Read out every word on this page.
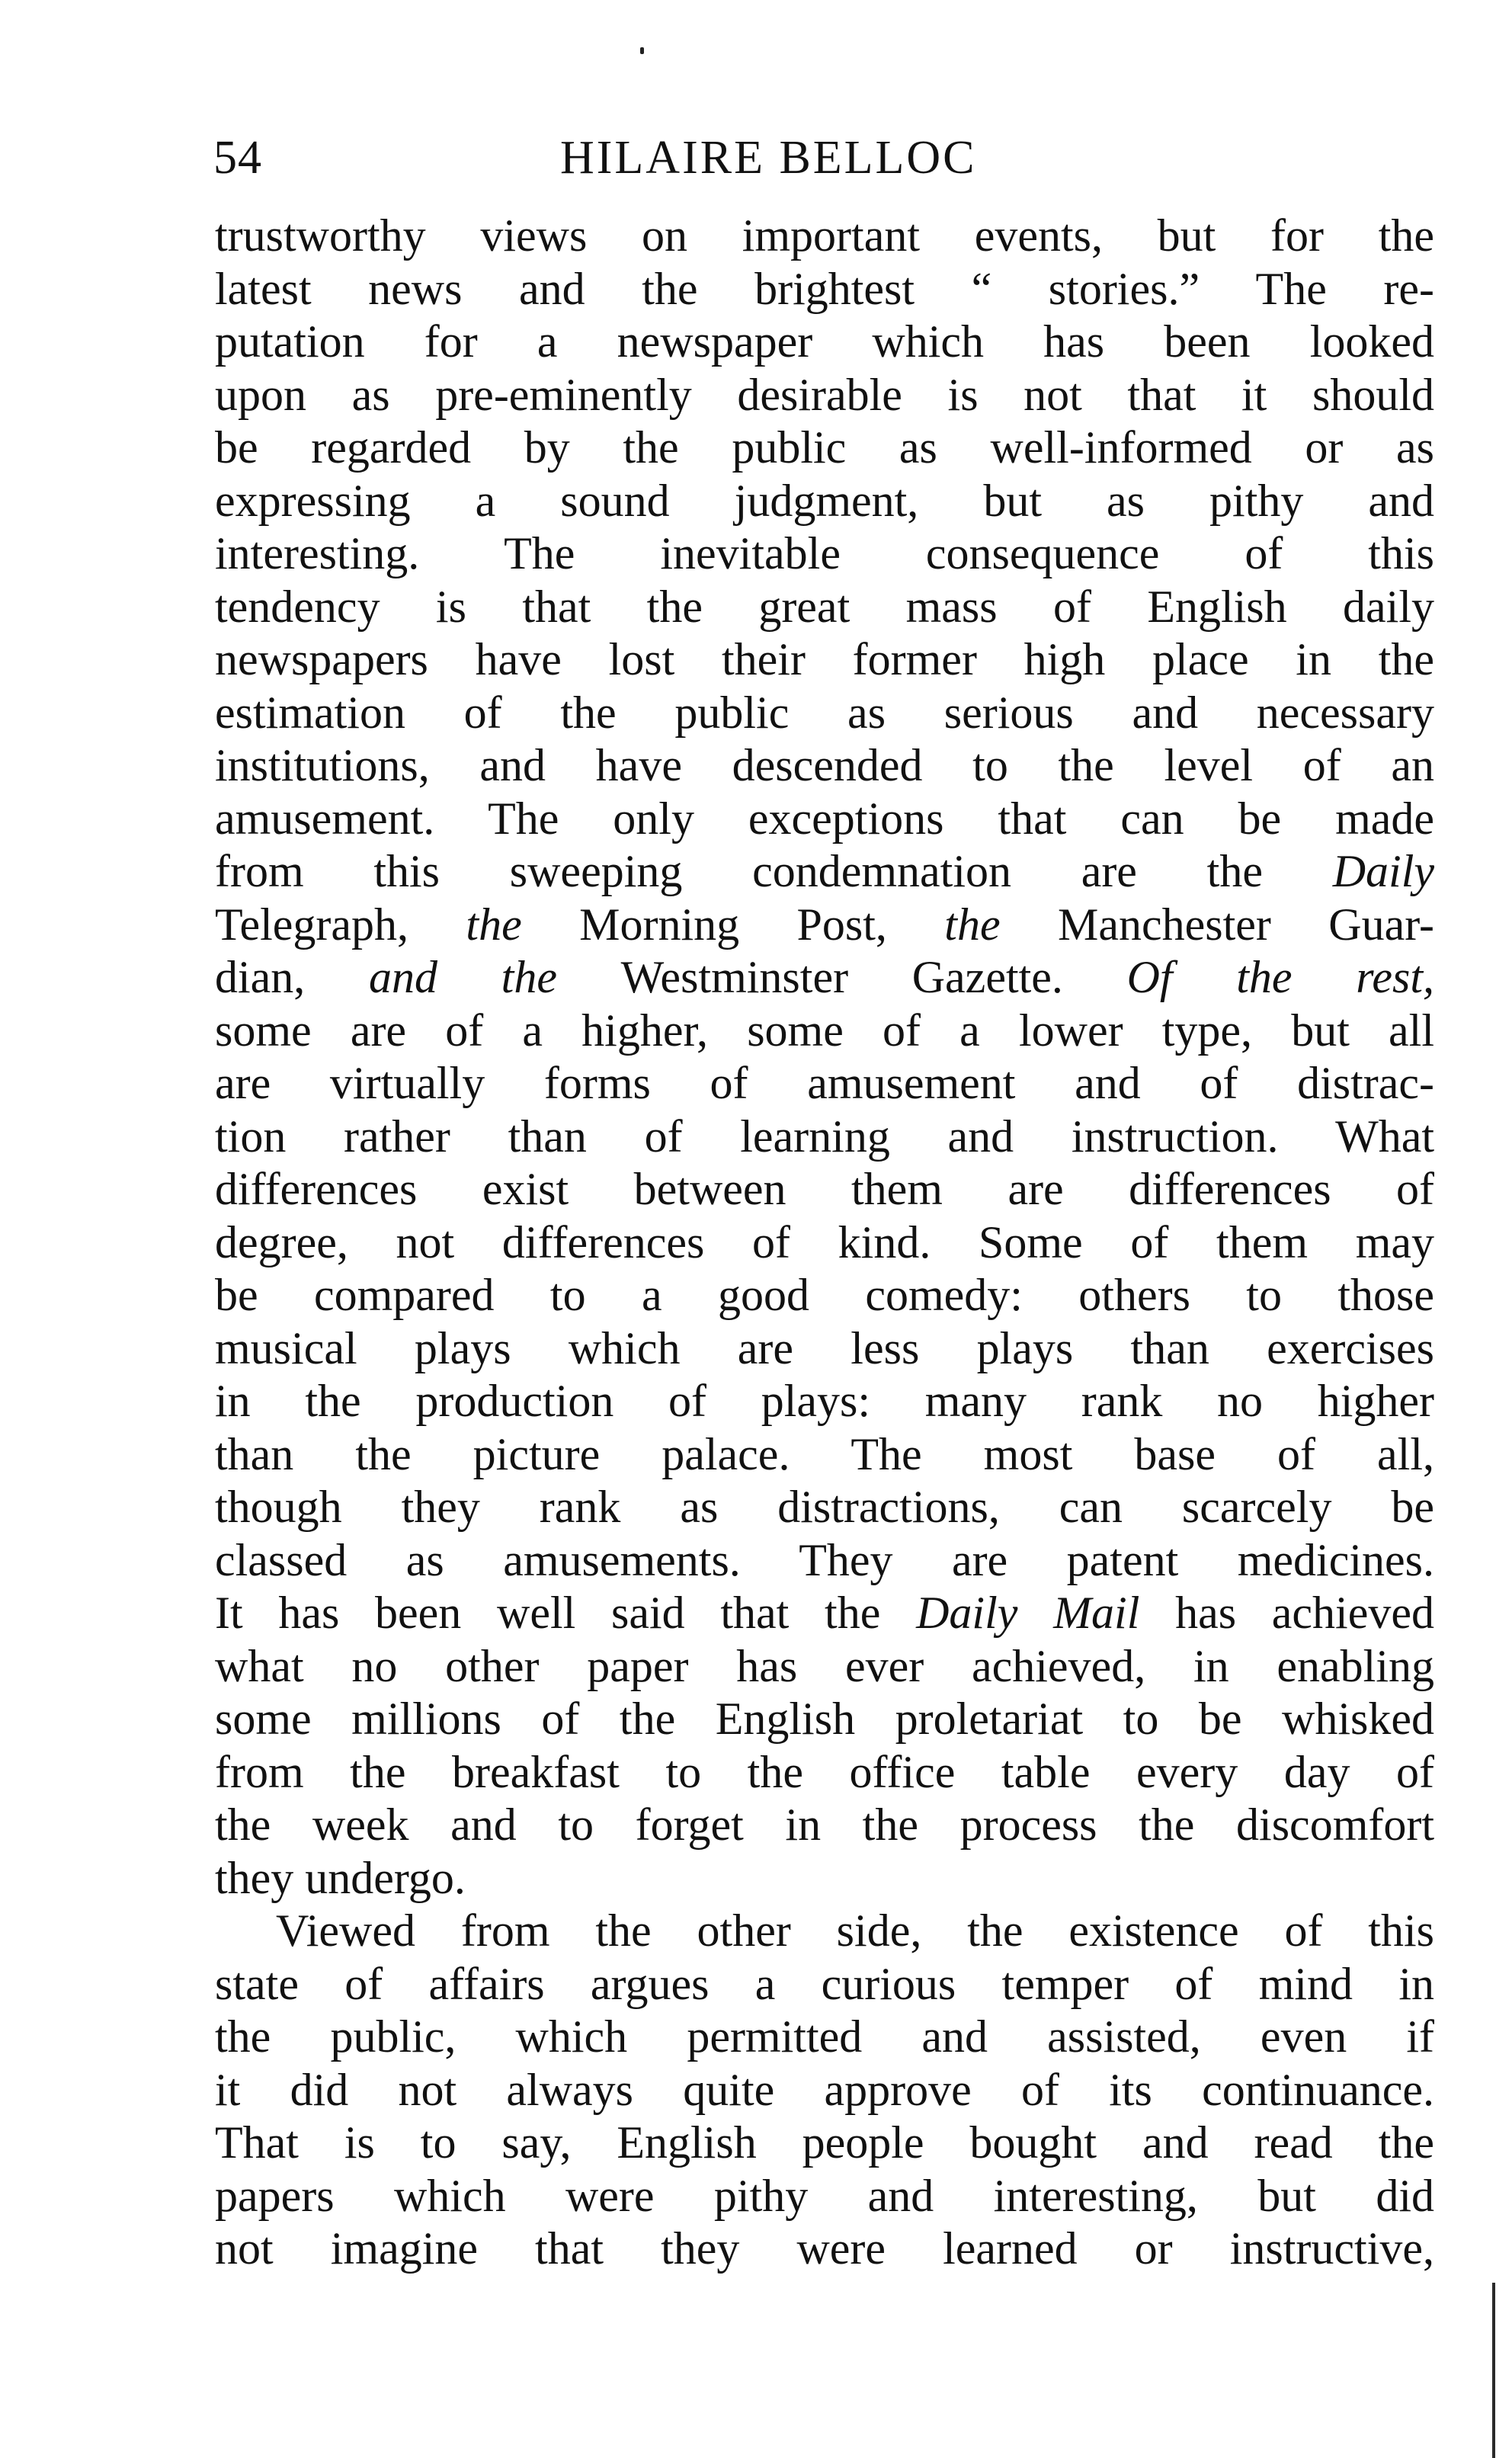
54	HILAIRE BELLOC
trustworthy views on important events, but for the
latest news and the brightest “ stories.” The re-
putation for a newspaper which has been looked
upon as pre-eminently desirable is not that it should
be regarded by the public as well-informed or as
expressing a sound judgment, but as pithy and
interesting. The inevitable consequence of this
tendency is that the great mass of English daily
newspapers have lost their former high place in the
estimation of the public as serious and necessary
institutions, and have descended to the level of an
amusement. The only exceptions that can be made
from this sweeping condemnation are the Daily
Telegraph, the Morning Post, the Manchester Guar-
dian, and the Westminster Gazette. Of the rest,
some are of a higher, some of a lower type, but all
are virtually forms of amusement and of distrac-
tion rather than of learning and instruction. What
differences exist between them are differences of
degree, not differences of kind. Some of them may
be compared to a good comedy: others to those
musical plays which are less plays than exercises
in the production of plays: many rank no higher
than the picture palace. The most base of all,
though they rank as distractions, can scarcely be
classed as amusements. They are patent medicines.
It has been well said that the Daily Mail has achieved
what no other paper has ever achieved, in enabling
some millions of the English proletariat to be whisked
from the breakfast to the office table every day of
the week and to forget in the process the discomfort
they undergo.
Viewed from the other side, the existence of this
state of affairs argues a curious temper of mind in
the public, which permitted and assisted, even if
it did not always quite approve of its continuance.
That is to say, English people bought and read the
papers which were pithy and interesting, but did
not imagine that they were learned or instructive,
